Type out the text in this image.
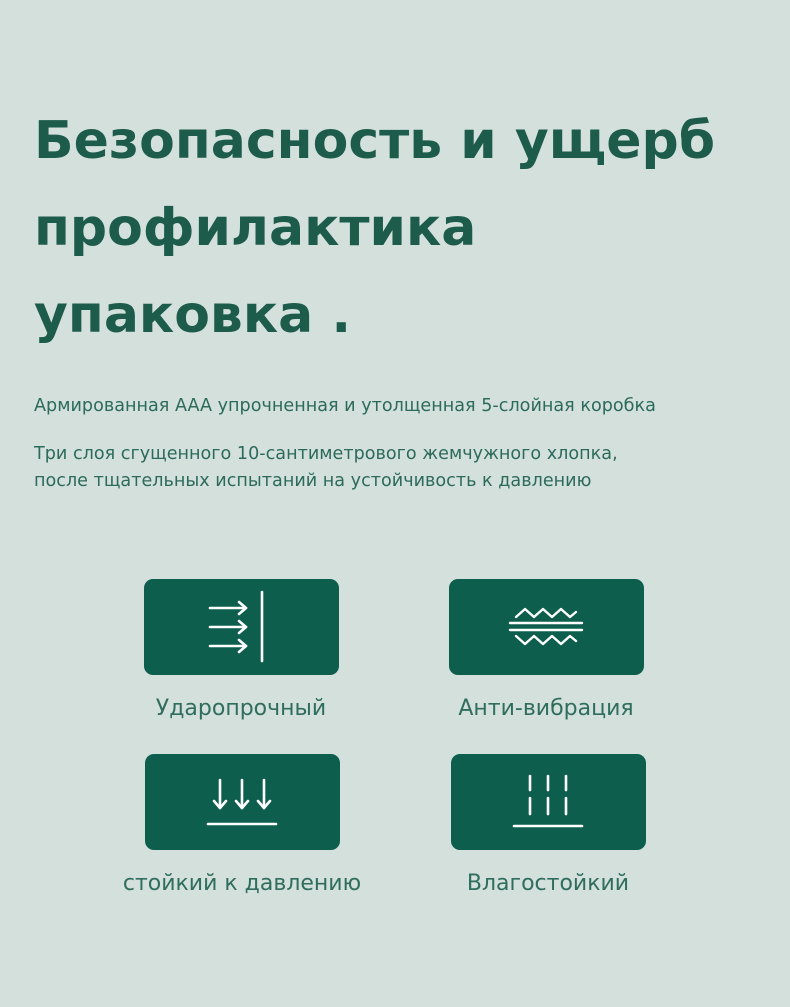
Безопасность и ущерб
профилактика
упаковка .
Армированная AAA упрочненная и утолщенная 5-слойная коробка
Три слоя сгущенного 10-сантиметрового жемчужного хлопка,
после тщательных испытаний на устойчивость к давлению
Ударопрочный	Анти-вибрация
стойкий к давлению	Влагостойкий
